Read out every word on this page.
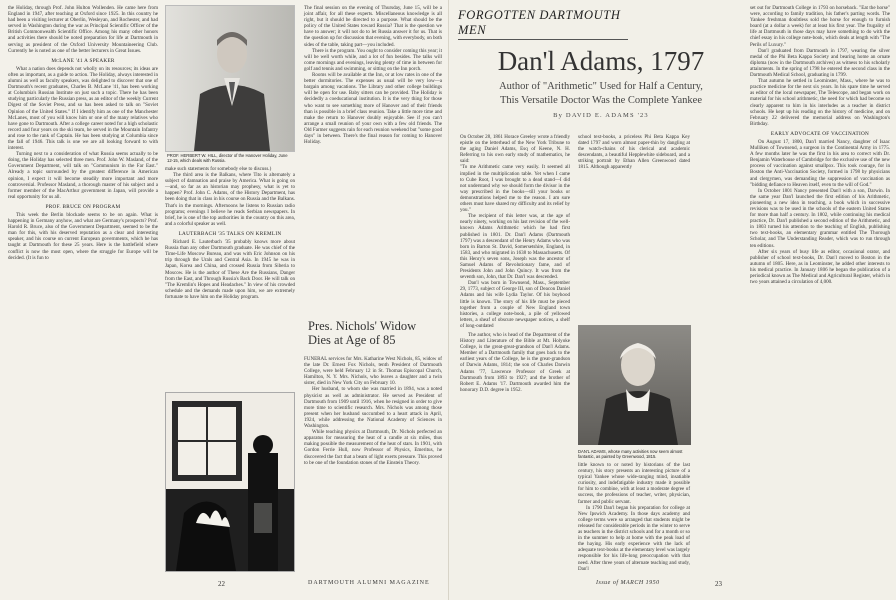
the Holiday, through Prof. John Hulton Wollenden. He came here from England in 1947, after teaching at Oxford since 1925. In this country he had been a visiting lecturer at Oberlin, Wesleyan, and Rochester, and had served in Washington during the war as Principal Scientific Officer of the British Commonwealth Scientific Office. Among his many other honors and activities there should be noted preparation for life at Dartmouth in serving as president of the Oxford University Mountaineering Club. Currently he is noted as one of the better lecturers in Great Issues.

McLANE '41 A SPEAKER

What a nation does depends not wholly on its resources; its ideas are often as important, as a guide to action. The Holiday, always interested in alumni as well as faculty speakers, was delighted to discover that one of Dartmouth's recent graduates, Charles B. McLane '41, has been working at Columbia's Russian Institute on just such a topic. There he has been studying particularly the Russian press, as an editor of the weekly Current Digest of the Soviet Press, and so has been asked to talk on "Soviet Opinion of the United States." If I identify him as one of the Manchester McLanes, most of you will know him or one of the many relatives who have gone to Dartmouth. After a college career noted for a high scholastic record and four years on the ski team, he served in the Mountain Infantry and rose to the rank of Captain. He has been studying at Columbia since the fall of 1946. This talk is one we are all looking forward to with interest.

Turning next to a consideration of what Russia seems actually to be doing, the Holiday has selected three men. Prof. John W. Masland, of the Government Department, will talk on "Communism in the Far East." Already a topic surrounded by the greatest difference in American opinion, I expect it will become steadily more important and more controversial. Professor Masland, a thorough master of his subject and a former member of the MacArthur government in Japan, will provide a real opportunity for us all.

PROF. BRUCE ON PROGRAM

This week the Berlin blockade seems to be on again. What is happening in Germany anyhow, and what are Germany's prospects? Prof. Harold R. Bruce, also of the Government Department, seemed to be the man for this, with his deserved reputation as a clear and interesting speaker, and his course on current European governments, which he has taught at Dartmouth for these 25 years. Here is the battlefield where conflict is now the most open, where the struggle for Europe will be decided. (It is fun to

PROF. HERBERT W. HILL, director of the Hanover Holiday, June 12-15, which deals with Russia.

make such statements for somebody else to discuss.)

The third area is the Balkans, where Tito is alternately a subject of damnation and praise by America. What is going on—and, so far as an historian may prophesy, what is yet to happen? Prof. John C. Adams, of the History Department, has been doing that in class in his course on Russia and the Balkans. That's in the mornings. Afternoons he listens to Russian radio programs; evenings I believe he reads Serbian newspapers. In brief, he is one of the top authorities in the country on this area, and a colorful speaker as well.

LAUTERBACH '35 TALKS ON KREMLIN

Richard E. Lauterbach '35 probably knows more about Russia than any other Dartmouth graduate. He was chief of the Time-Life Moscow Bureau, and was with Eric Johnson on his trip through the Urals and Central Asia. In 1945 he was in Japan, Korea and China, and crossed Russia from Siberia to Moscow. He is the author of These Are the Russians, Danger from the East, and Through Russia's Back Door. He will talk on "The Kremlin's Hopes and Headaches." In view of his crowded schedule and the demands made upon him, we are extremely fortunate to have him on the Holiday program.

The final session on the evening of Thursday, June 15, will be a joint affair, for all these experts. Miscellaneous knowledge is all right, but it should be directed to a purpose. What should be the policy of the United States toward Russia? That is the question we have to answer; it will not do to let Russia answer it for us. That is the question up for discussion that evening, with everybody, on both sides of the table, taking part—you included.

There is the program. You ought to consider coming this year; it will be well worth while, and a lot of fun besides. The talks will come mornings and evenings, leaving plenty of time in between for golf and tennis and swimming, or sitting on the Inn porch.

Rooms will be available at the Inn, or at low rates in one of the better dormitories. The expenses as usual will be very low—a bargain among vacations. The Library and other college buildings will be open for use. Baby sitters can be provided. The Holiday is decidedly a coeducational institution. It is the very thing for those who want to see something more of Hanover and of their friends than is possible in a brief class reunion. Take a little more time and make the return to Hanover doubly enjoyable. See if you can't arrange a small reunion of your own with a few old friends. The Old Farmer suggests rain for each reunion weekend but "some good days" in between. There's the final reason for coming to Hanover Holiday.

Pres. Nichols' Widow Dies at Age of 85

FUNERAL services for Mrs. Katharine West Nichols, 85, widow of the late Dr. Ernest Fox Nichols, tenth President of Dartmouth College, were held February 12 in St. Thomas Episcopal Church, Hamilton, N. Y. Mrs. Nichols, who leaves a daughter and a twin sister, died in New York City on February 10.

Her husband, to whom she was married in 1894, was a noted physicist as well as administrator. He served as President of Dartmouth from 1909 until 1916, when he resigned in order to give more time to scientific research. Mrs. Nichols was among those present when her husband succumbed to a heart attack in April, 1924, while addressing the National Academy of Sciences in Washington.

While teaching physics at Dartmouth, Dr. Nichols perfected an apparatus for measuring the heat of a candle at six miles, thus making possible the measurement of the heat of stars. In 1901, with Gordon Ferrie Hull, now Professor of Physics, Emeritus, he discovered the fact that a beam of light exerts pressure. This proved to be one of the foundation stones of the Einstein Theory.

22	DARTMOUTH ALUMNI MAGAZINE
FORGOTTEN DARTMOUTH MEN
Dan'l Adams, 1797
Author of "Arithmetic" Used for Half a Century,
This Versatile Doctor Was the Complete Yankee
By DAVID E. ADAMS '23

On October 28, 1861 Horace Greeley wrote a friendly epistle on the letterhead of the New York Tribune to the aging Daniel Adams, Esq of Keene, N. H. Referring to his own early study of mathematics, he said:

"To me Arithmetic came very easily. It seemed all implied in the multiplication table. Yet when I came to Cube Root, I was brought to a dead stand—I did not understand why we should form the divisor in the way prescribed in the books—till your books or demonstrations helped me to the reason. I am sure others must have shared my difficulty and its relief by you."

The recipient of this letter was, at the age of nearly ninety, working on his last revision of the well-known Adams Arithmetic which he had first published in 1801. Dr. Dan'l Adams (Dartmouth 1797) was a descendant of the Henry Adams who was born in Barton St. David, Somersetshire, England, in 1583, and who migrated in 1638 to Massachusetts. Of this Henry's seven sons, Joseph was the ancestor of Samuel Adams of Revolutionary fame, and of Presidents John and John Quincy. It was from the seventh son, John, that Dr. Dan'l was descended.

Dan'l was born in Townsend, Mass., September 29, 1773, subject of George III, son of Deacon Daniel Adams and his wife Lydia Taylor. Of his boyhood little is known. The story of his life must be pieced together from a couple of New England town histories, a college note-book, a pile of yellowed letters, a sheaf of obscure newspaper notices, a shelf of long-outdated

The author, who is head of the Department of the History and Literature of the Bible at Mt. Holyoke College, is the great-great-grandson of Dan'l Adams. Member of a Dartmouth family that goes back to the earliest years of the College, he is the great-grandson of Darwin Adams, 1814; the son of Charles Darwin Adams '77, Lawrence Professor of Greek at Dartmouth from 1893 to 1927; and the brother of Robert E. Adams '17. Dartmouth awarded him the honorary D.D. degree in 1952.

school text-books, a priceless Phi Beta Kappa Key dated 1797 and worn almost paper-thin by dangling at the watch-chains of his clerical and academic descendants, a beautiful Hepplewhite sideboard, and a striking portrait by Ethan Allen Greenwood dated 1815. Although apparently

DAN'L ADAMS, whose many activities now seem almost fantastic, as painted by Greenwood, 1815.

little known to or noted by historians of the last century, his story presents an interesting picture of a typical Yankee whose wide-ranging mind, insatiable curiosity, and indefatigable industry made it possible for him to combine, with at least a moderate degree of success, the professions of teacher, writer, physician, farmer and public servant.

In 1790 Dan'l began his preparation for college at New Ipswich Academy. In those days academy and college terms were so arranged that students might be released for considerable periods in the winter to serve as teachers in the district schools and for a month or so in the summer to help at home with the peak load of the haying. His early experience with the lack of adequate text-books at the elementary level was largely responsible for his life-long preoccupation with that need. After three years of alternate teaching and study, Dan'l

set out for Dartmouth College in 1793 on horseback. "Eat the horse" were, according to family tradition, his father's parting words. The Yankee freshman doubtless sold the horse for enough to furnish board (at a dollar a week) for at least his first year. The frugality of life at Dartmouth in those days may have something to do with the chief essay in his college note-book, which deals at length with "The Perils of Luxury."

Dan'l graduated from Dartmouth in 1797, wearing the silver medal of the Phi Beta Kappa Society and bearing home an ornate diploma (now in the Dartmouth archives) as witness to his scholarly attainments. In the spring of 1798 he entered the second class in the Dartmouth Medical School, graduating in 1799.

That autumn he settled in Leominster, Mass., where he was to practice medicine for the next six years. In his spare time he served as editor of the local newspaper, The Telescope, and began work on material for his school arithmetic, the need for which had become so clearly apparent to him in his interludes as a teacher in district schools. He kept up his reading on the history of medicine, and on February 22 delivered the memorial address on Washington's Birthday.

EARLY ADVOCATE OF VACCINATION

On August 17, 1800, Dan'l married Nancy, daughter of Isaac Mulliken of Townsend, a surgeon in the Continental Army in 1775. A few months later he was the first in his area to correct with Dr. Benjamin Waterhouse of Cambridge for the exclusive use of the new process of vaccination against smallpox. This took courage, for in Boston the Anti-Vaccination Society, formed in 1798 by physicians and clergymen, was demanding the suppression of vaccination as "bidding defiance to Heaven itself, even to the will of God."

In October 1801 Nancy presented Dan'l with a son, Darwin. In the same year Dan'l launched the first edition of his Arithmetic, pioneering a new idea in teaching, a book which in successive revisions was to be used in the schools of the eastern United States for more than half a century. In 1802, while continuing his medical practice, Dr. Dan'l published a second edition of the Arithmetic, and in 1803 turned his attention to the teaching of English, publishing two text-books, an elementary grammar entitled The Thorough Scholar, and The Understanding Reader, which was to run through ten editions.

After six years of busy life as editor, occasional orator, and publisher of school text-books, Dr. Dan'l moved to Boston in the autumn of 1805. Here, as in Leominster, he added other interests to his medical practice. In January 1806 he began the publication of a periodical known as The Medical and Agricultural Register, which in two years attained a circulation of 4,000.

Issue of MARCH 1950	23
